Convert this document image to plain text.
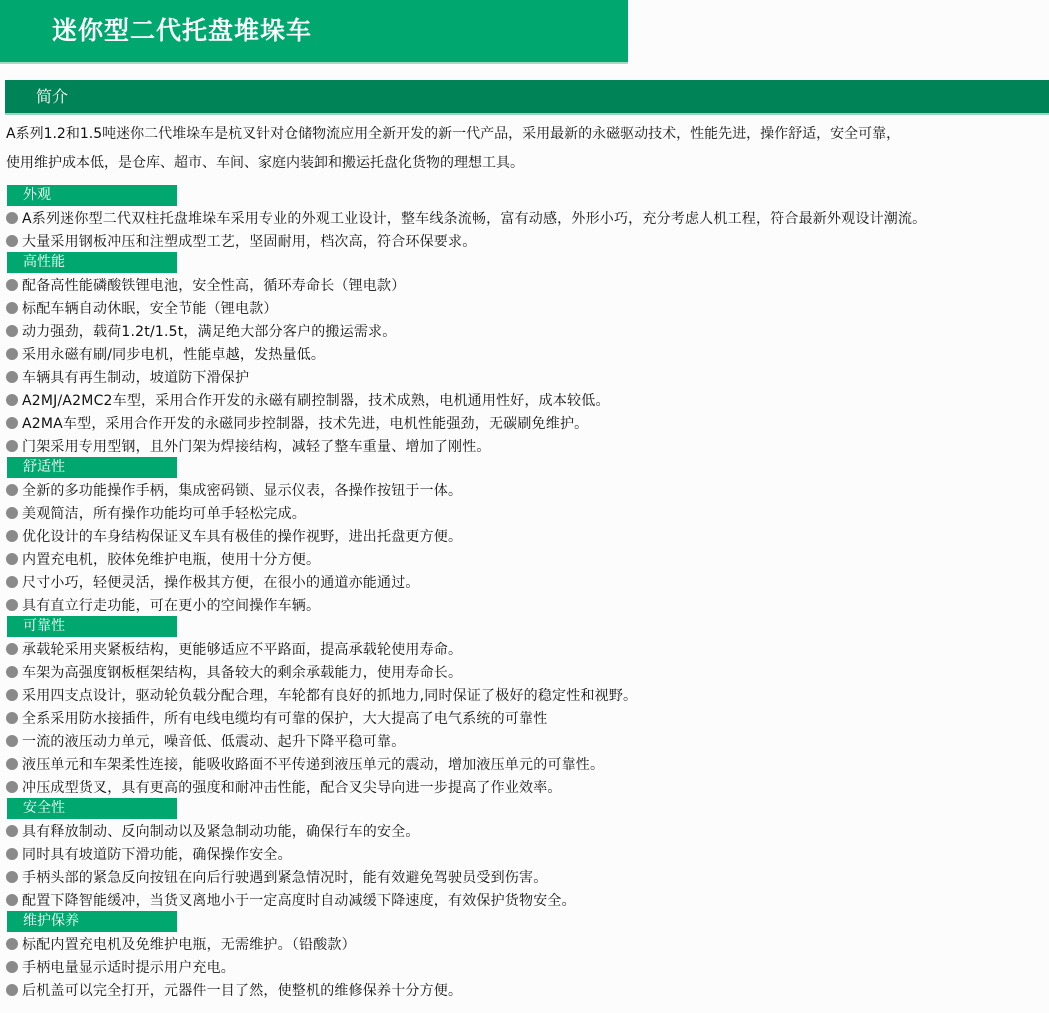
迷你型二代托盘堆垛车
简介

A系列1.2和1.5吨迷你二代堆垛车是杭叉针对仓储物流应用全新开发的新一代产品，采用最新的永磁驱动技术，性能先进，操作舒适，安全可靠，

使用维护成本低，是仓库、超市、车间、家庭内装卸和搬运托盘化货物的理想工具。

外观
A系列迷你型二代双柱托盘堆垛车采用专业的外观工业设计，整车线条流畅，富有动感，外形小巧，充分考虑人机工程，符合最新外观设计潮流。
大量采用钢板冲压和注塑成型工艺，坚固耐用，档次高，符合环保要求。
高性能
配备高性能磷酸铁锂电池，安全性高，循环寿命长（锂电款）
标配车辆自动休眠，安全节能（锂电款）
动力强劲，载荷1.2t/1.5t，满足绝大部分客户的搬运需求。
采用永磁有刷/同步电机，性能卓越，发热量低。
车辆具有再生制动，坡道防下滑保护
A2MJ/A2MC2车型，采用合作开发的永磁有刷控制器，技术成熟，电机通用性好，成本较低。
A2MA车型，采用合作开发的永磁同步控制器，技术先进，电机性能强劲，无碳刷免维护。
门架采用专用型钢，且外门架为焊接结构，减轻了整车重量、增加了刚性。
舒适性
全新的多功能操作手柄，集成密码锁、显示仪表，各操作按钮于一体。
美观简洁，所有操作功能均可单手轻松完成。
优化设计的车身结构保证叉车具有极佳的操作视野，进出托盘更方便。
内置充电机，胶体免维护电瓶，使用十分方便。
尺寸小巧，轻便灵活，操作极其方便，在很小的通道亦能通过。
具有直立行走功能，可在更小的空间操作车辆。
可靠性
承载轮采用夹紧板结构，更能够适应不平路面，提高承载轮使用寿命。
车架为高强度钢板框架结构，具备较大的剩余承载能力，使用寿命长。
采用四支点设计，驱动轮负载分配合理，车轮都有良好的抓地力,同时保证了极好的稳定性和视野。
全系采用防水接插件，所有电线电缆均有可靠的保护，大大提高了电气系统的可靠性
一流的液压动力单元，噪音低、低震动、起升下降平稳可靠。
液压单元和车架柔性连接，能吸收路面不平传递到液压单元的震动，增加液压单元的可靠性。
冲压成型货叉，具有更高的强度和耐冲击性能，配合叉尖导向进一步提高了作业效率。
安全性
具有释放制动、反向制动以及紧急制动功能，确保行车的安全。
同时具有坡道防下滑功能，确保操作安全。
手柄头部的紧急反向按钮在向后行驶遇到紧急情况时，能有效避免驾驶员受到伤害。
配置下降智能缓冲，当货叉离地小于一定高度时自动减缓下降速度，有效保护货物安全。
维护保养
标配内置充电机及免维护电瓶，无需维护。（铅酸款）
手柄电量显示适时提示用户充电。
后机盖可以完全打开，元器件一目了然，使整机的维修保养十分方便。
